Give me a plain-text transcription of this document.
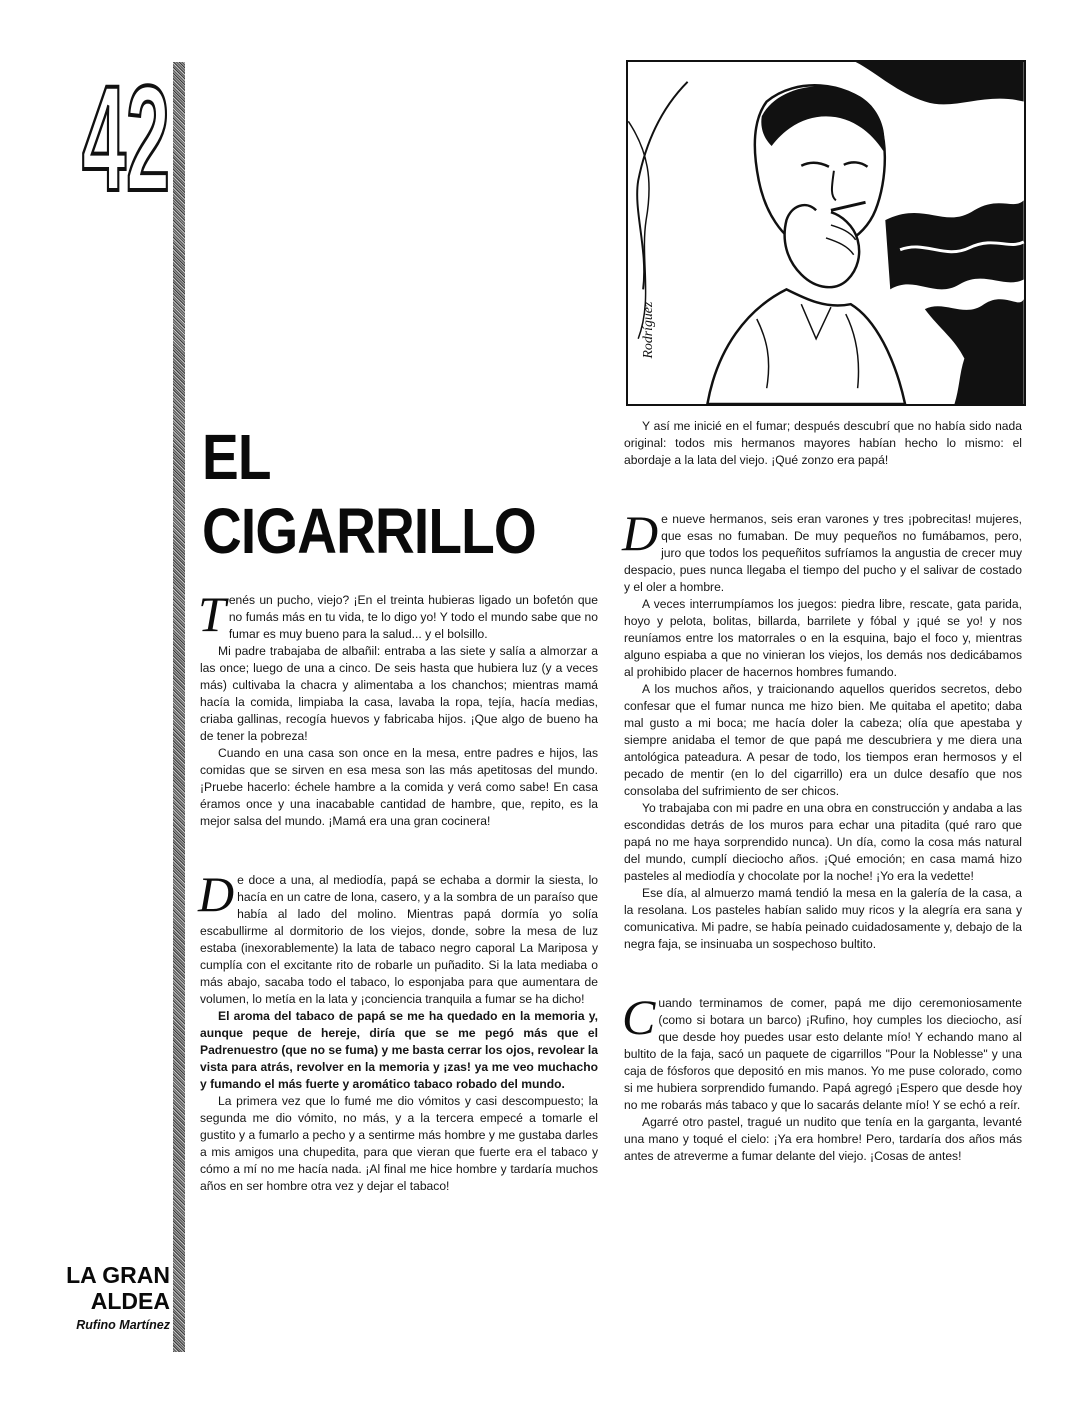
42
Rodríguez
EL
CIGARRILLO

Tenés un pucho, viejo? ¡En el treinta hubieras ligado un bofetón que no fumás más en tu vida, te lo digo yo! Y todo el mundo sabe que no fumar es muy bueno para la salud... y el bolsillo.

Mi padre trabajaba de albañil: entraba a las siete y salía a almorzar a las once; luego de una a cinco. De seis hasta que hubiera luz (y a veces más) cultivaba la chacra y alimentaba a los chanchos; mientras mamá hacía la comida, limpiaba la casa, lavaba la ropa, tejía, hacía medias, criaba gallinas, recogía huevos y fabricaba hijos. ¡Que algo de bueno ha de tener la pobreza!

Cuando en una casa son once en la mesa, entre padres e hijos, las comidas que se sirven en esa mesa son las más apetitosas del mundo. ¡Pruebe hacerlo: échele hambre a la comida y verá como sabe! En casa éramos once y una inacabable cantidad de hambre, que, repito, es la mejor salsa del mundo. ¡Mamá era una gran cocinera!

De doce a una, al mediodía, papá se echaba a dormir la siesta, lo hacía en un catre de lona, casero, y a la sombra de un paraíso que había al lado del molino. Mientras papá dormía yo solía escabullirme al dormitorio de los viejos, donde, sobre la mesa de luz estaba (inexorablemente) la lata de tabaco negro caporal La Mariposa y cumplía con el excitante rito de robarle un puñadito. Si la lata mediaba o más abajo, sacaba todo el tabaco, lo esponjaba para que aumentara de volumen, lo metía en la lata y ¡conciencia tranquila a fumar se ha dicho!

El aroma del tabaco de papá se me ha quedado en la memoria y, aunque peque de hereje, diría que se me pegó más que el Padrenuestro (que no se fuma) y me basta cerrar los ojos, revolear la vista para atrás, revolver en la memoria y ¡zas! ya me veo muchacho y fumando el más fuerte y aromático tabaco robado del mundo.

La primera vez que lo fumé me dio vómitos y casi descompuesto; la segunda me dio vómito, no más, y a la tercera empecé a tomarle el gustito y a fumarlo a pecho y a sentirme más hombre y me gustaba darles a mis amigos una chupedita, para que vieran que fuerte era el tabaco y cómo a mí no me hacía nada. ¡Al final me hice hombre y tardaría muchos años en ser hombre otra vez y dejar el tabaco!

Y así me inicié en el fumar; después descubrí que no había sido nada original: todos mis hermanos mayores habían hecho lo mismo: el abordaje a la lata del viejo. ¡Qué zonzo era papá!

De nueve hermanos, seis eran varones y tres ¡pobrecitas! mujeres, que esas no fumaban. De muy pequeños no fumábamos, pero, juro que todos los pequeñitos sufríamos la angustia de crecer muy despacio, pues nunca llegaba el tiempo del pucho y el salivar de costado y el oler a hombre.

A veces interrumpíamos los juegos: piedra libre, rescate, gata parida, hoyo y pelota, bolitas, billarda, barrilete y fóbal y ¡qué se yo! y nos reuníamos entre los matorrales o en la esquina, bajo el foco y, mientras alguno espiaba a que no vinieran los viejos, los demás nos dedicábamos al prohibido placer de hacernos hombres fumando.

A los muchos años, y traicionando aquellos queridos secretos, debo confesar que el fumar nunca me hizo bien. Me quitaba el apetito; daba mal gusto a mi boca; me hacía doler la cabeza; olía que apestaba y siempre anidaba el temor de que papá me descubriera y me diera una antológica pateadura. A pesar de todo, los tiempos eran hermosos y el pecado de mentir (en lo del cigarrillo) era un dulce desafío que nos consolaba del sufrimiento de ser chicos.

Yo trabajaba con mi padre en una obra en construcción y andaba a las escondidas detrás de los muros para echar una pitadita (qué raro que papá no me haya sorprendido nunca). Un día, como la cosa más natural del mundo, cumplí dieciocho años. ¡Qué emoción; en casa mamá hizo pasteles al mediodía y chocolate por la noche! ¡Yo era la vedette!

Ese día, al almuerzo mamá tendió la mesa en la galería de la casa, a la resolana. Los pasteles habían salido muy ricos y la alegría era sana y comunicativa. Mi padre, se había peinado cuidadosamente y, debajo de la negra faja, se insinuaba un sospechoso bultito.

Cuando terminamos de comer, papá me dijo ceremoniosamente (como si botara un barco) ¡Rufino, hoy cumples los dieciocho, así que desde hoy puedes usar esto delante mío! Y echando mano al bultito de la faja, sacó un paquete de cigarrillos "Pour la Noblesse" y una caja de fósforos que depositó en mis manos. Yo me puse colorado, como si me hubiera sorprendido fumando. Papá agregó ¡Espero que desde hoy no me robarás más tabaco y que lo sacarás delante mío! Y se echó a reír.

Agarré otro pastel, tragué un nudito que tenía en la garganta, levanté una mano y toqué el cielo: ¡Ya era hombre! Pero, tardaría dos años más antes de atreverme a fumar delante del viejo. ¡Cosas de antes!

LA GRAN
ALDEA
Rufino Martínez
